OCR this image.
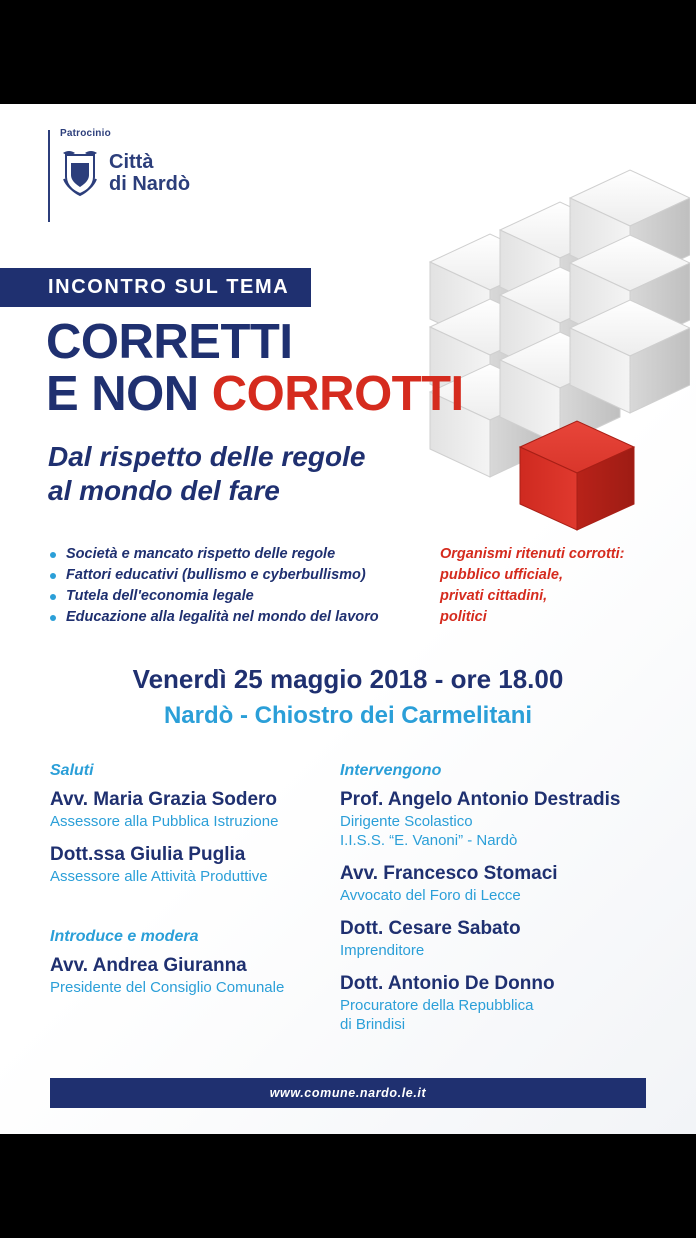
Patrocinio
Città
di Nardò
INCONTRO SUL TEMA
CORRETTI
E NON CORROTTI
Dal rispetto delle regole
al mondo del fare
Società e mancato rispetto delle regole
Fattori educativi (bullismo e cyberbullismo)
Tutela dell'economia legale
Educazione alla legalità nel mondo del lavoro
Organismi ritenuti corrotti:
pubblico ufficiale,
privati cittadini,
politici
Venerdì 25 maggio 2018 - ore 18.00
Nardò - Chiostro dei Carmelitani
Saluti
Avv. Maria Grazia Sodero
Assessore alla Pubblica Istruzione
Dott.ssa Giulia Puglia
Assessore alle Attività Produttive
Introduce e modera
Avv. Andrea Giuranna
Presidente del Consiglio Comunale
Intervengono
Prof. Angelo Antonio Destradis
Dirigente Scolastico
I.I.S.S. “E. Vanoni” - Nardò
Avv. Francesco Stomaci
Avvocato del Foro di Lecce
Dott. Cesare Sabato
Imprenditore
Dott. Antonio De Donno
Procuratore della Repubblica
di Brindisi
www.comune.nardo.le.it
